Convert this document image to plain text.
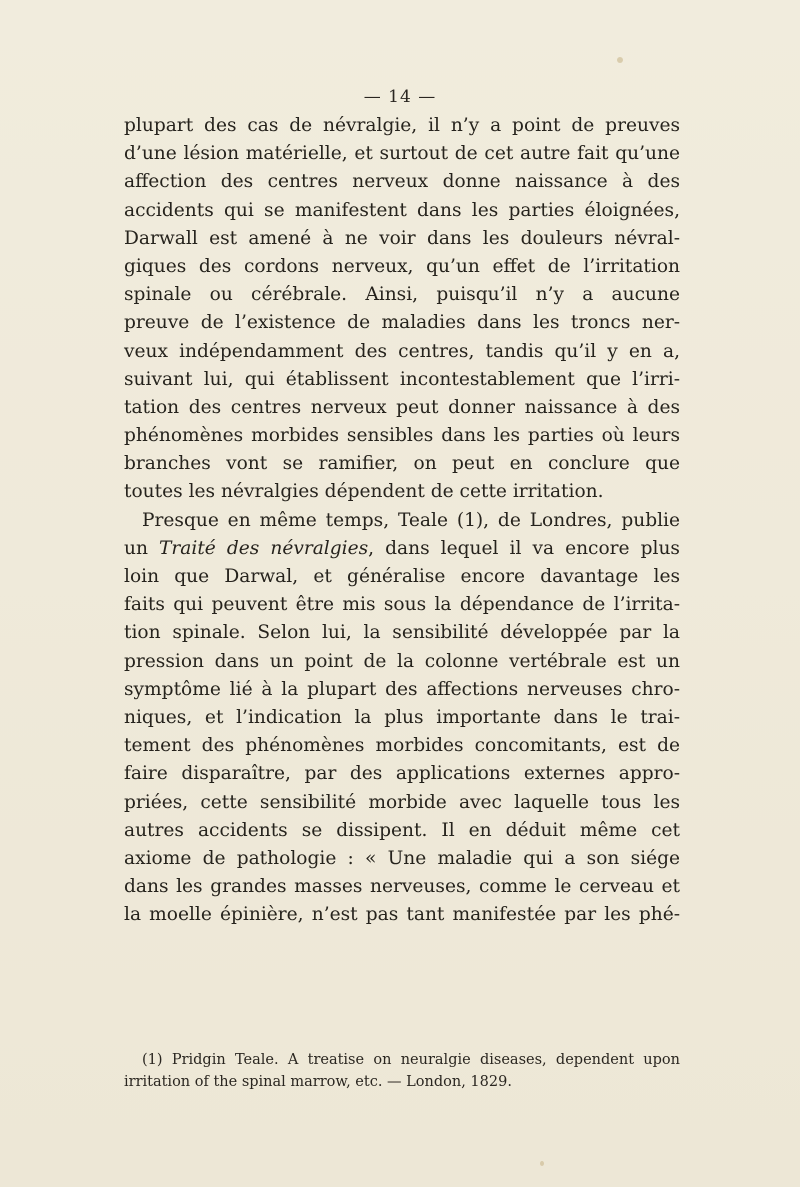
— 14 —
plupart des cas de névralgie, il n’y a point de preuves
d’une lésion matérielle, et surtout de cet autre fait qu’une
affection des centres nerveux donne naissance à des
accidents qui se manifestent dans les parties éloignées,
Darwall est amené à ne voir dans les douleurs névral-
giques des cordons nerveux, qu’un effet de l’irritation
spinale ou cérébrale. Ainsi, puisqu’il n’y a aucune
preuve de l’existence de maladies dans les troncs ner-
veux indépendamment des centres, tandis qu’il y en a,
suivant lui, qui établissent incontestablement que l’irri-
tation des centres nerveux peut donner naissance à des
phénomènes morbides sensibles dans les parties où leurs
branches vont se ramifier, on peut en conclure que
toutes les névralgies dépendent de cette irritation.
Presque en même temps, Teale (1), de Londres, publie
un Traité des névralgies, dans lequel il va encore plus
loin que Darwal, et généralise encore davantage les
faits qui peuvent être mis sous la dépendance de l’irrita-
tion spinale. Selon lui, la sensibilité développée par la
pression dans un point de la colonne vertébrale est un
symptôme lié à la plupart des affections nerveuses chro-
niques, et l’indication la plus importante dans le trai-
tement des phénomènes morbides concomitants, est de
faire disparaître, par des applications externes appro-
priées, cette sensibilité morbide avec laquelle tous les
autres accidents se dissipent. Il en déduit même cet
axiome de pathologie : « Une maladie qui a son siége
dans les grandes masses nerveuses, comme le cerveau et
la moelle épinière, n’est pas tant manifestée par les phé-
(1) Pridgin Teale. A treatise on neuralgie diseases, dependent upon
irritation of the spinal marrow, etc. — London, 1829.
